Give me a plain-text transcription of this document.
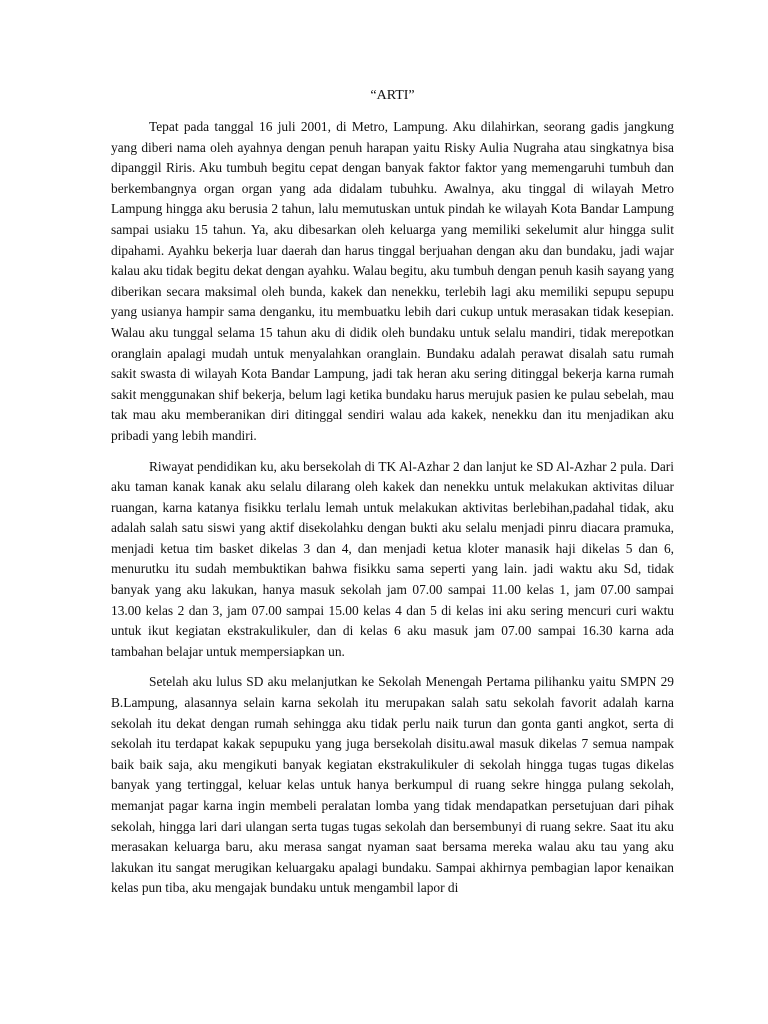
“ARTI”

Tepat pada tanggal 16 juli 2001, di Metro, Lampung. Aku dilahirkan, seorang gadis jangkung yang diberi nama oleh ayahnya dengan penuh harapan yaitu Risky Aulia Nugraha atau singkatnya bisa dipanggil Riris. Aku tumbuh begitu cepat dengan banyak faktor faktor yang memengaruhi tumbuh dan berkembangnya organ organ yang ada didalam tubuhku. Awalnya, aku tinggal di wilayah Metro Lampung hingga aku berusia 2 tahun, lalu memutuskan untuk pindah ke wilayah Kota Bandar Lampung sampai usiaku 15 tahun. Ya, aku dibesarkan oleh keluarga yang memiliki sekelumit alur hingga sulit dipahami. Ayahku bekerja luar daerah dan harus tinggal berjuahan dengan aku dan bundaku, jadi wajar kalau aku tidak begitu dekat dengan ayahku. Walau begitu, aku tumbuh dengan penuh kasih sayang yang diberikan secara maksimal oleh bunda, kakek dan nenekku, terlebih lagi aku memiliki sepupu sepupu yang usianya hampir sama denganku, itu membuatku lebih dari cukup untuk merasakan tidak kesepian. Walau aku tunggal selama 15 tahun aku di didik oleh bundaku untuk selalu mandiri, tidak merepotkan oranglain apalagi mudah untuk menyalahkan oranglain. Bundaku adalah perawat disalah satu rumah sakit swasta di wilayah Kota Bandar Lampung, jadi tak heran aku sering ditinggal bekerja karna rumah sakit menggunakan shif bekerja, belum lagi ketika bundaku harus merujuk pasien ke pulau sebelah, mau tak mau aku memberanikan diri ditinggal sendiri walau ada kakek, nenekku dan itu menjadikan aku pribadi yang lebih mandiri.

Riwayat pendidikan ku, aku bersekolah di TK Al-Azhar 2 dan lanjut ke SD Al-Azhar 2 pula. Dari aku taman kanak kanak aku selalu dilarang oleh kakek dan nenekku untuk melakukan aktivitas diluar ruangan, karna katanya fisikku terlalu lemah untuk melakukan aktivitas berlebihan,padahal tidak, aku adalah salah satu siswi yang aktif disekolahku dengan bukti aku selalu menjadi pinru diacara pramuka, menjadi ketua tim basket dikelas 3 dan 4, dan menjadi ketua kloter manasik haji dikelas 5 dan 6, menurutku itu sudah membuktikan bahwa fisikku sama seperti yang lain. jadi waktu aku Sd, tidak banyak yang aku lakukan, hanya masuk sekolah jam 07.00 sampai 11.00 kelas 1, jam 07.00 sampai 13.00 kelas 2 dan 3, jam 07.00 sampai 15.00 kelas 4 dan 5 di kelas ini aku sering mencuri curi waktu untuk ikut kegiatan ekstrakulikuler, dan di kelas 6 aku masuk jam 07.00 sampai 16.30 karna ada tambahan belajar untuk mempersiapkan un.

Setelah aku lulus SD aku melanjutkan ke Sekolah Menengah Pertama pilihanku yaitu SMPN 29 B.Lampung, alasannya selain karna sekolah itu merupakan salah satu sekolah favorit adalah karna sekolah itu dekat dengan rumah sehingga aku tidak perlu naik turun dan gonta ganti angkot, serta di sekolah itu terdapat kakak sepupuku yang juga bersekolah disitu.awal masuk dikelas 7 semua nampak baik baik saja, aku mengikuti banyak kegiatan ekstrakulikuler di sekolah hingga tugas tugas dikelas banyak yang tertinggal, keluar kelas untuk hanya berkumpul di ruang sekre hingga pulang sekolah, memanjat pagar karna ingin membeli peralatan lomba yang tidak mendapatkan persetujuan dari pihak sekolah, hingga lari dari ulangan serta tugas tugas sekolah dan bersembunyi di ruang sekre. Saat itu aku merasakan keluarga baru, aku merasa sangat nyaman saat bersama mereka walau aku tau yang aku lakukan itu sangat merugikan keluargaku apalagi bundaku. Sampai akhirnya pembagian lapor kenaikan kelas pun tiba, aku mengajak bundaku untuk mengambil lapor di
